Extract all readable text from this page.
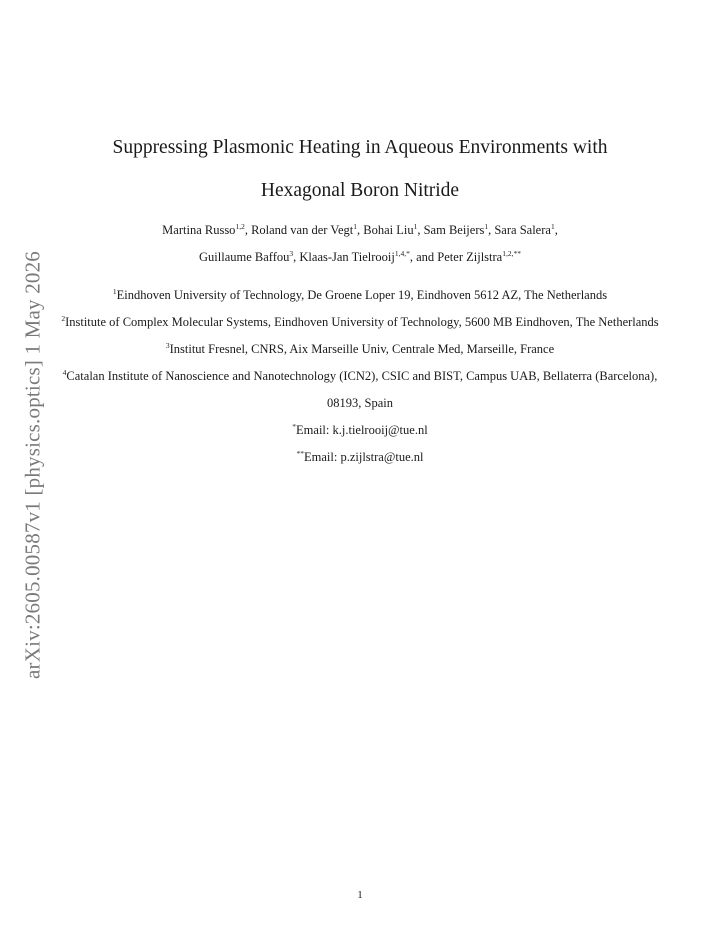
arXiv:2605.00587v1 [physics.optics] 1 May 2026
Suppressing Plasmonic Heating in Aqueous Environments with
Hexagonal Boron Nitride
Martina Russo$^{1,2}$, Roland van der Vegt$^1$, Bohai Liu$^1$, Sam Beijers$^1$, Sara Salera$^1$,
Guillaume Baffou$^3$, Klaas-Jan Tielrooij$^{1,4,*}$, and Peter Zijlstra$^{1,2,**}$
$^1$Eindhoven University of Technology, De Groene Loper 19, Eindhoven 5612 AZ, The Netherlands
$^2$Institute of Complex Molecular Systems, Eindhoven University of Technology, 5600 MB Eindhoven, The Netherlands
$^3$Institut Fresnel, CNRS, Aix Marseille Univ, Centrale Med, Marseille, France
$^4$Catalan Institute of Nanoscience and Nanotechnology (ICN2), CSIC and BIST, Campus UAB, Bellaterra (Barcelona), 08193, Spain
*Email: k.j.tielrooij@tue.nl
**Email: p.zijlstra@tue.nl
1
